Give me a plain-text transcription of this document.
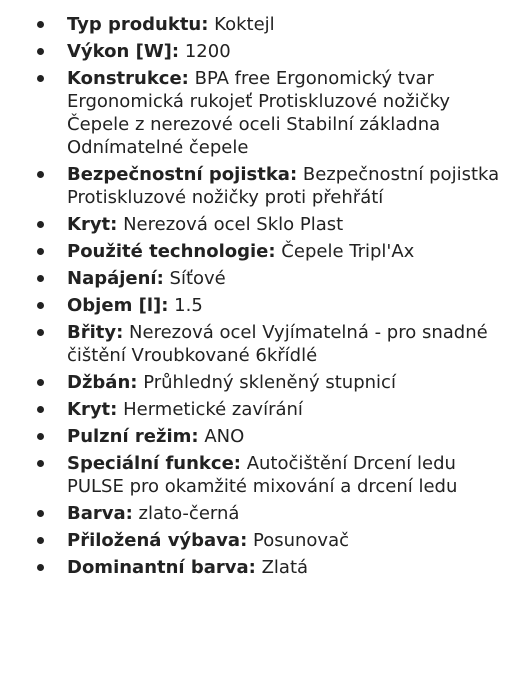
Typ produktu: Koktejl
Výkon [W]: 1200
Konstrukce: BPA free Ergonomický tvar Ergonomická rukojeť Protiskluzové nožičky Čepele z nerezové oceli Stabilní základna Odnímatelné čepele
Bezpečnostní pojistka: Bezpečnostní pojistka Protiskluzové nožičky proti přehřátí
Kryt: Nerezová ocel Sklo Plast
Použité technologie: Čepele Tripl'Ax
Napájení: Síťové
Objem [l]: 1.5
Břity: Nerezová ocel Vyjímatelná - pro snadné čištění Vroubkované 6křídlé
Džbán: Průhledný skleněný stupnicí
Kryt: Hermetické zavírání
Pulzní režim: ANO
Speciální funkce: Autočištění Drcení ledu PULSE pro okamžité mixování a drcení ledu
Barva: zlato-černá
Přiložená výbava: Posunovač
Dominantní barva: Zlatá
